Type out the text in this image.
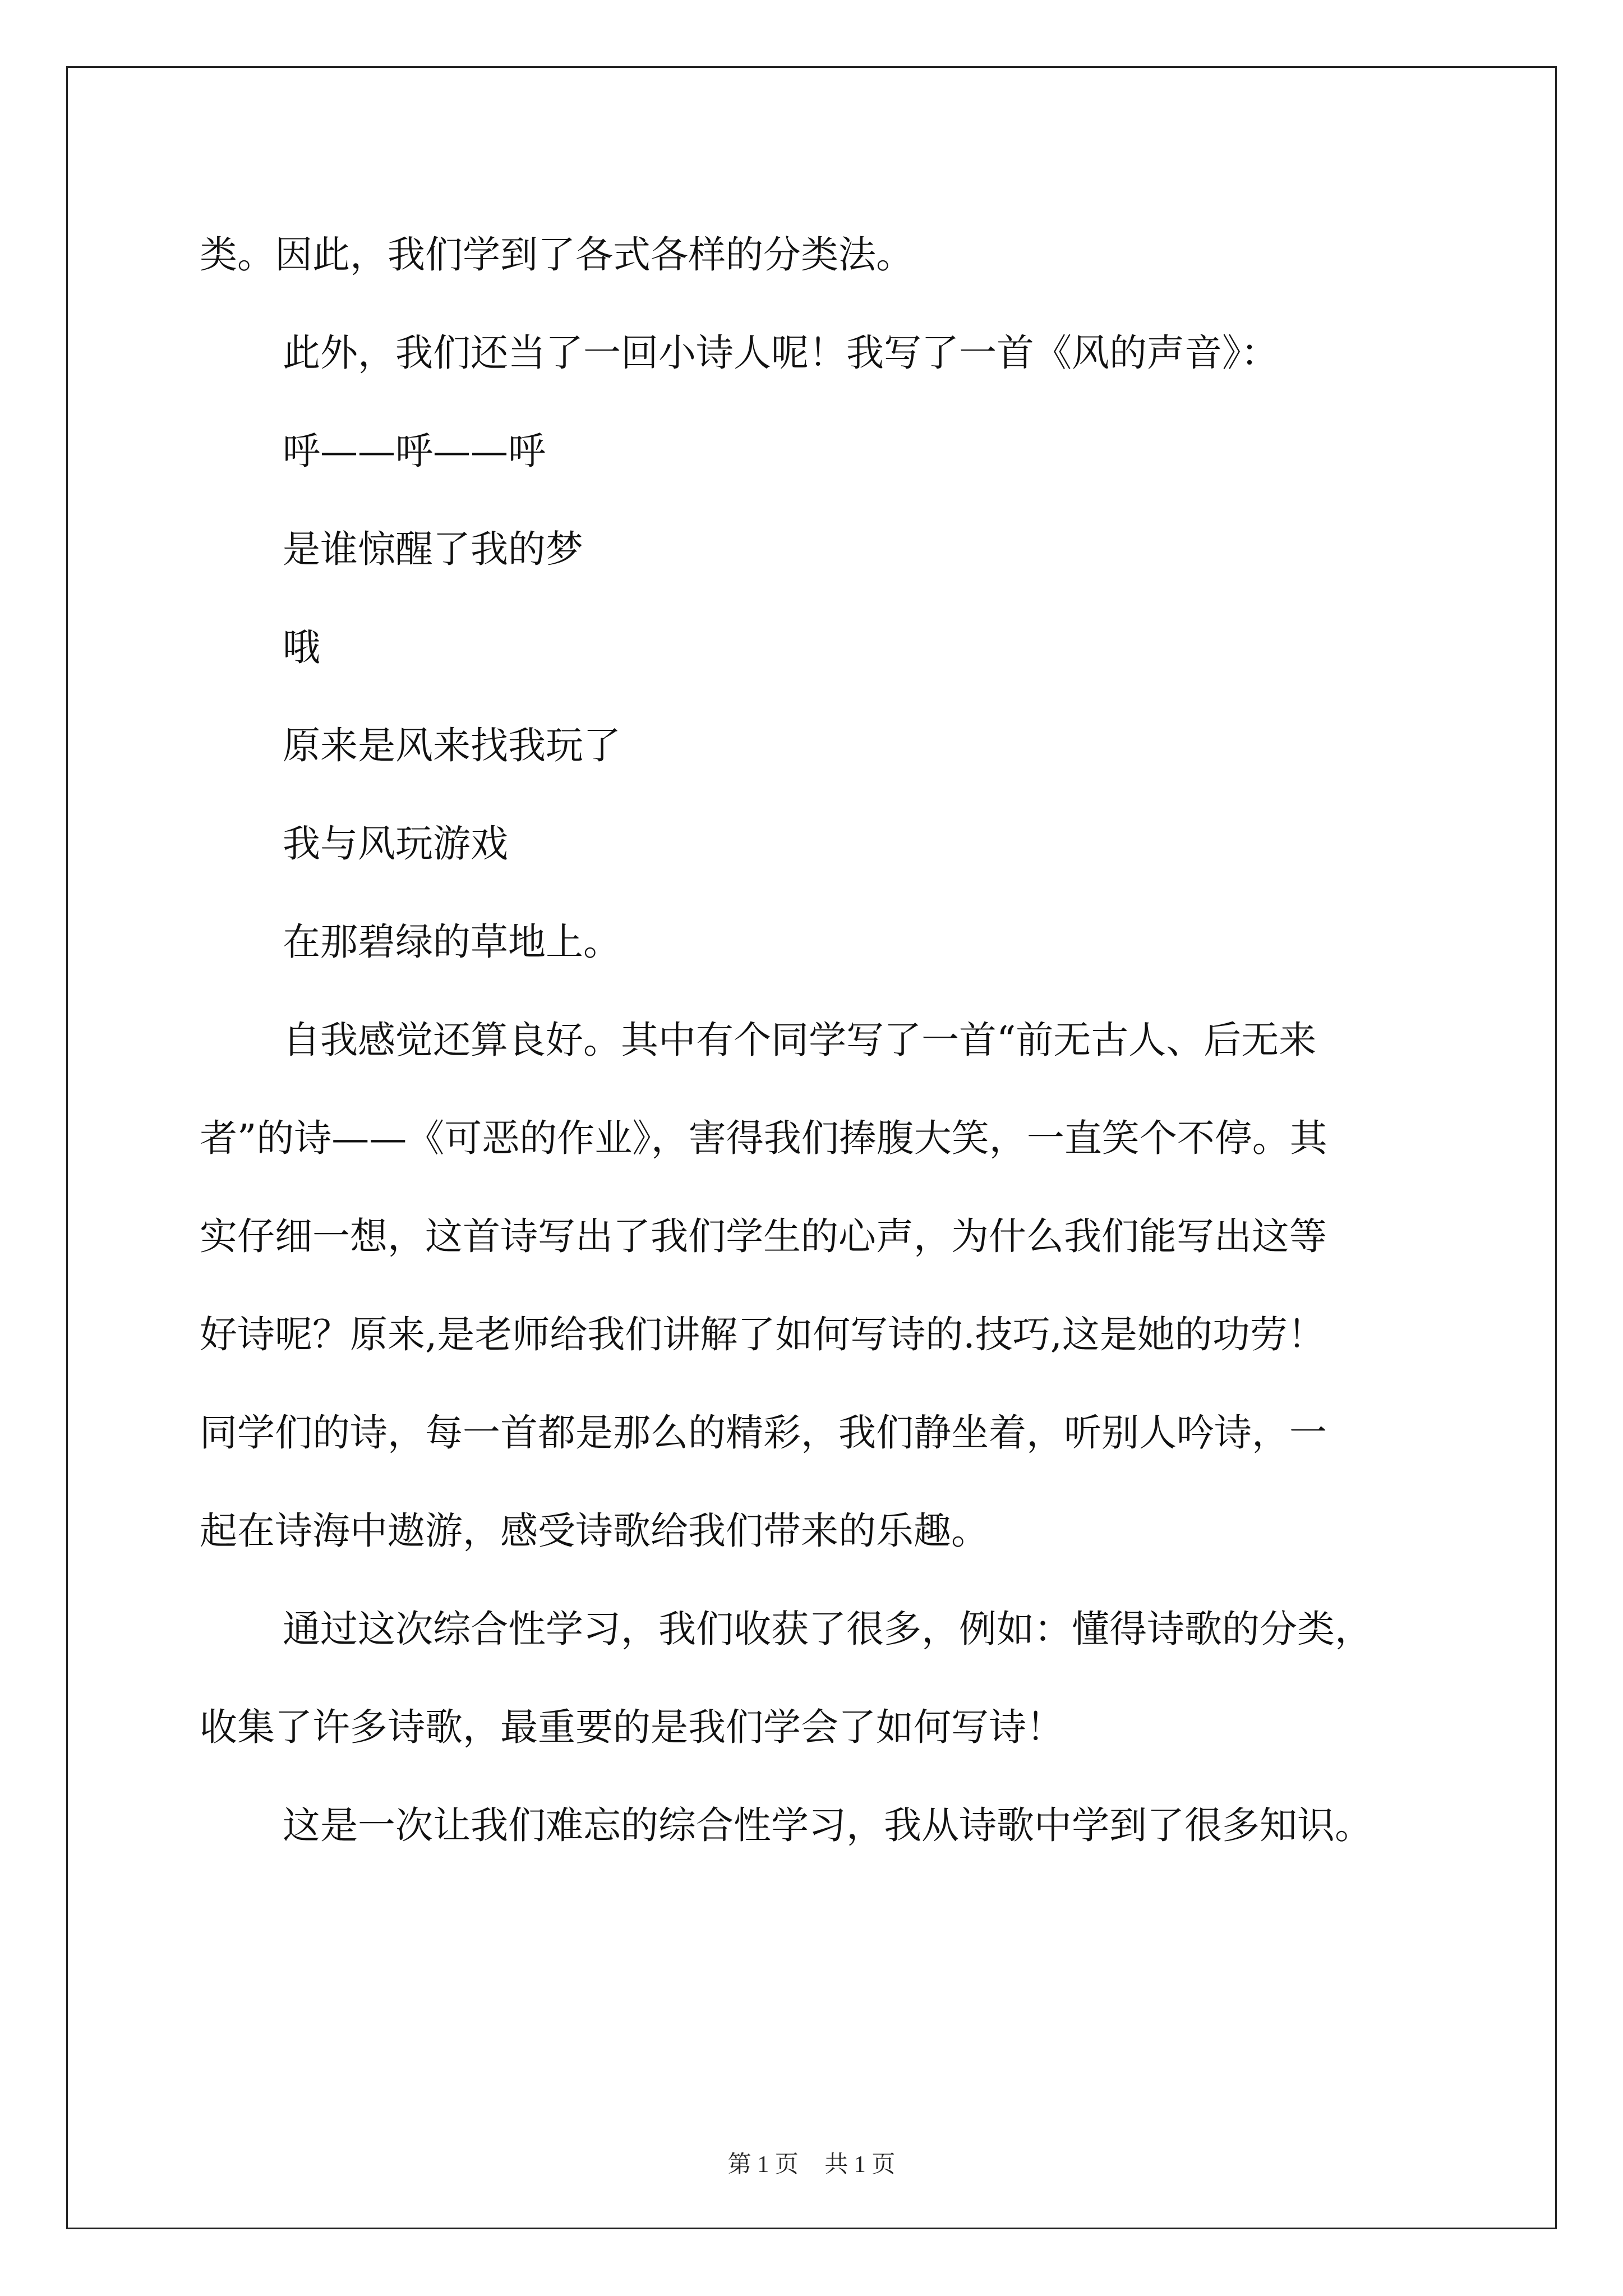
类。因此，我们学到了各式各样的分类法。
此外，我们还当了一回小诗人呢！我写了一首《风的声音》：
呼——呼——呼
是谁惊醒了我的梦
哦
原来是风来找我玩了
我与风玩游戏
在那碧绿的草地上。
自我感觉还算良好。其中有个同学写了一首“前无古人、后无来
者”的诗——《可恶的作业》，害得我们捧腹大笑，一直笑个不停。其
实仔细一想，这首诗写出了我们学生的心声，为什么我们能写出这等
好诗呢？原来,是老师给我们讲解了如何写诗的.技巧,这是她的功劳！
同学们的诗，每一首都是那么的精彩，我们静坐着，听别人吟诗，一
起在诗海中遨游，感受诗歌给我们带来的乐趣。
通过这次综合性学习，我们收获了很多，例如：懂得诗歌的分类，
收集了许多诗歌，最重要的是我们学会了如何写诗！
这是一次让我们难忘的综合性学习，我从诗歌中学到了很多知识。
第 1 页 共 1 页
